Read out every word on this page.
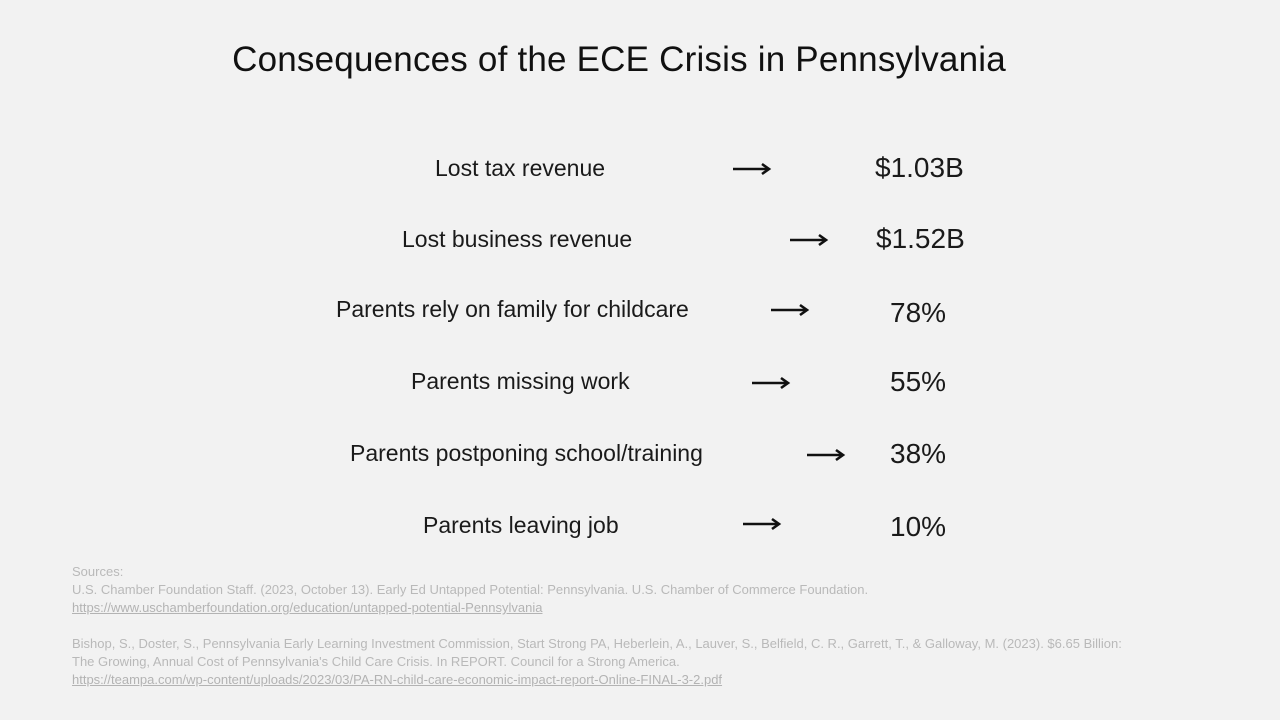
Consequences of the ECE Crisis in Pennsylvania
Lost tax revenue	$1.03B
Lost business revenue	$1.52B
Parents rely on family for childcare	78%
Parents missing work	55%
Parents postponing school/training	38%
Parents leaving job	10%

Sources:

U.S. Chamber Foundation Staff. (2023, October 13). Early Ed Untapped Potential: Pennsylvania. U.S. Chamber of Commerce Foundation.

https://www.uschamberfoundation.org/education/untapped-potential-Pennsylvania

Bishop, S., Doster, S., Pennsylvania Early Learning Investment Commission, Start Strong PA, Heberlein, A., Lauver, S., Belfield, C. R., Garrett, T., & Galloway, M. (2023). $6.65 Billion:

The Growing, Annual Cost of Pennsylvania's Child Care Crisis. In REPORT. Council for a Strong America.

https://teampa.com/wp-content/uploads/2023/03/PA-RN-child-care-economic-impact-report-Online-FINAL-3-2.pdf
